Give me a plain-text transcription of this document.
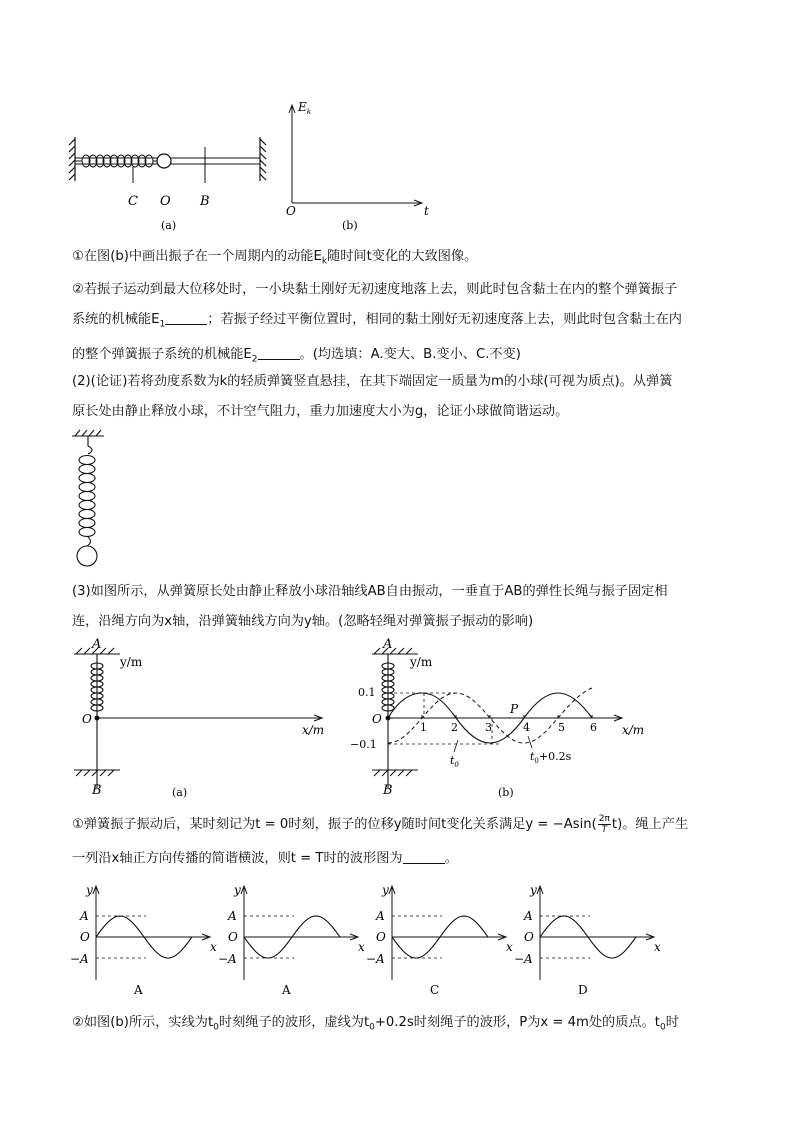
C O B
(a)
$E_k$
t
O
(b)
①在图(b)中画出振子在一个周期内的动能$E_k$随时间t变化的大致图像。
②若振子运动到最大位移处时，一小块黏土刚好无初速度地落上去，则此时包含黏土在内的整个弹簧振子
系统的机械能$E_1$	；若振子经过平衡位置时，相同的黏土刚好无初速度落上去，则此时包含黏土在内
的整个弹簧振子系统的机械能$E_2$	。(均选填：A.变大、B.变小、C.不变)
(2)(论证)若将劲度系数为k的轻质弹簧竖直悬挂，在其下端固定一质量为m的小球(可视为质点)。从弹簧
原长处由静止释放小球，不计空气阻力，重力加速度大小为g，论证小球做简谐运动。
(3)如图所示，从弹簧原长处由静止释放小球沿轴线AB自由振动，一垂直于AB的弹性长绳与振子固定相
连，沿绳方向为x轴，沿弹簧轴线方向为y轴。(忽略轻绳对弹簧振子振动的影响)
A
y/m
O
x/m
B	(a)
1 2 3	4	5 6
A
y/m
0.1
−0.1
O
P
x/m
$t_0$
$t_0+0.2s$
B	(b)
①弹簧振子振动后，某时刻记为t = 0时刻，振子的位移y随时间t变化关系满足$y = -Asin( \frac{2\pi}{T} t)$。绳上产生
一列沿x轴正方向传播的简谐横波，则t = T时的波形图为	。
y
A
O
−A
x
A
y
A
O
−A
x
A
y
A
O
−A
x
C
y
A
O
−A
x
D
②如图(b)所示，实线为$t_0$时刻绳子的波形，虚线为$t_0+0.2s$时刻绳子的波形，P为x = 4m处的质点。$t_0$时
